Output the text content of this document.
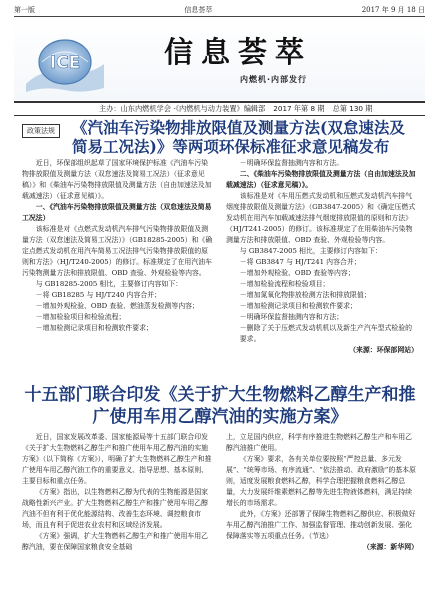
第一版	信息荟萃	2017 年 9 月 18 日
ICE	信息荟萃
内燃机·内部发行
主办：山东内燃机学会 ·《内燃机与动力装置》编辑部 2017 年第 8 期 总第 130 期
政策法规	《汽油车污染物排放限值及测量方法(双怠速法及简易工况法)》等两项环保标准征求意见稿发布

近日，环保部组织起草了国家环境保护标准《汽油车污染物排放限值及测量方法（双怠速法及简易工况法）（征求意见稿）》和《柴油车污染物排放限值及测量方法（自由加速法及加载减速法）（征求意见稿）》。

一、《汽油车污染物排放限值及测量方法（双怠速法及简易工况法）

该标准是对《点燃式发动机汽车排气污染物排放限值及测量方法（双怠速法及简易工况法）》（GB18285-2005）和《确定点燃式发动机在用汽车简易工况法排气污染物排放限值的原则和方法》（HJ/T240-2005）的修订。标准规定了在用汽油车污染物测量方法和排放限值、OBD 查验、外观检验等内容。

与 GB18285-2005 相比，主要修订内容如下：

－将 GB18285 与 HJ/T240 内容合并；

－增加外观检验、OBD 查验、燃油蒸发检测等内容；

－增加检验项目和检验流程；

－增加检测记录项目和检测软件要求；

－明确环保监督抽测内容和方法。

二、《柴油车污染物排放限值及测量方法（自由加速法及加载减速法）（征求意见稿）》。

该标准是对《车用压燃式发动机和压燃式发动机汽车排气烟度排放限值及测量方法》（GB3847-2005）和《确定压燃式发动机在用汽车加载减速法排气烟度排放限值的原则和方法》（HJ/T241-2005）的修订。该标准规定了在用柴油车污染物测量方法和排放限值、OBD 查验、外观检验等内容。

与 GB3847-2005 相比，主要修订内容如下：

－将 GB3847 与 HJ/T241 内容合并；

－增加外观检验、OBD 查验等内容；

－增加检验流程和检验项目；

－增加氮氧化物排放检测方法和排放限值；

－增加检测记录项目和检测软件要求；

－明确环保监督抽测内容和方法；

－删除了关于压燃式发动机机以及新生产汽车型式检验的要求。

（来源：环保部网站）
十五部门联合印发《关于扩大生物燃料乙醇生产和推广使用车用乙醇汽油的实施方案》

近日，国家发展改革委、国家能源局等十五部门联合印发《关于扩大生物燃料乙醇生产和推广使用车用乙醇汽油的实施方案》（以下简称《方案》），明确了扩大生物燃料乙醇生产和推广使用车用乙醇汽油工作的重要意义、指导思想、基本原则、主要目标和重点任务。

《方案》指出，以生物燃料乙醇为代表的生物能源是国家战略性新兴产业。扩大生物燃料乙醇生产和推广使用车用乙醇汽油不但有利于优化能源结构、改善生态环境、调控粮食市场，而且有利于促进农业农村和区域经济发展。

《方案》强调，扩大生物燃料乙醇生产和推广使用车用乙醇汽油，要在保障国家粮食安全基础

上，立足国内供应，科学有序推进生物燃料乙醇生产和车用乙醇汽油推广使用。

《方案》要求，各有关单位要按照“严控总量、多元发展”、“统筹市场、有序流通”、“依法推动、政府激励”的基本原则，适度发展粮食燃料乙醇，科学合理把握粮食燃料乙醇总量，大力发展纤维素燃料乙醇等先进生物液体燃料，满足持续增长的市场需求。

此外，《方案》还部署了保障生物燃料乙醇供应、积极做好车用乙醇汽油推广工作、加强监督管理、推动创新发展、强化保障落实等五项重点任务。（节选）

（来源：新华网）
